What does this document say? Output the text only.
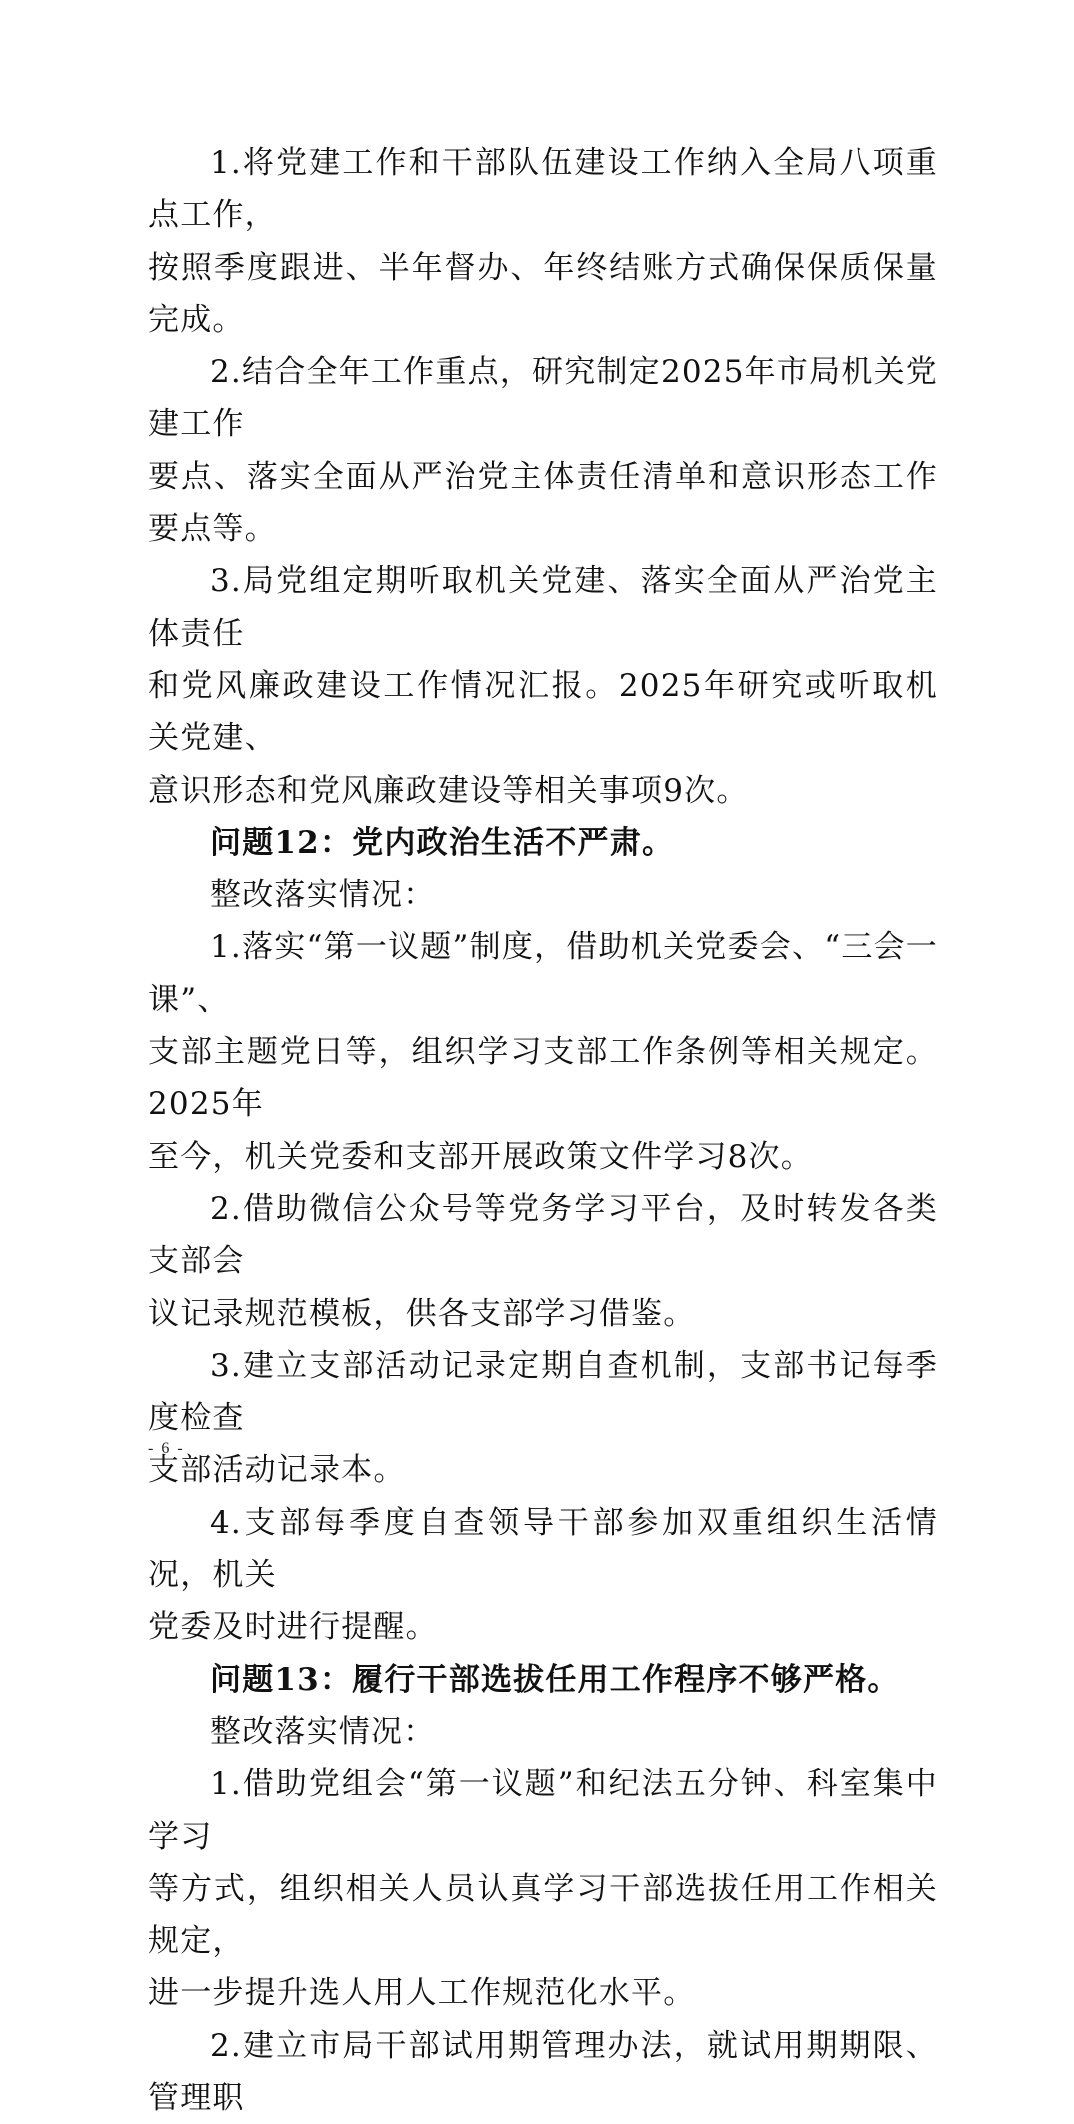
1.将党建工作和干部队伍建设工作纳入全局八项重点工作，
按照季度跟进、半年督办、年终结账方式确保保质保量完成。

2.结合全年工作重点，研究制定2025年市局机关党建工作
要点、落实全面从严治党主体责任清单和意识形态工作要点等。

3.局党组定期听取机关党建、落实全面从严治党主体责任
和党风廉政建设工作情况汇报。2025年研究或听取机关党建、
意识形态和党风廉政建设等相关事项9次。

问题12：党内政治生活不严肃。

整改落实情况：

1.落实“第一议题”制度，借助机关党委会、“三会一课”、
支部主题党日等，组织学习支部工作条例等相关规定。2025年
至今，机关党委和支部开展政策文件学习8次。

2.借助微信公众号等党务学习平台，及时转发各类支部会
议记录规范模板，供各支部学习借鉴。

3.建立支部活动记录定期自查机制，支部书记每季度检查
支部活动记录本。

4.支部每季度自查领导干部参加双重组织生活情况，机关
党委及时进行提醒。

问题13：履行干部选拔任用工作程序不够严格。

整改落实情况：

1.借助党组会“第一议题”和纪法五分钟、科室集中学习
等方式，组织相关人员认真学习干部选拔任用工作相关规定，
进一步提升选人用人工作规范化水平。

2.建立市局干部试用期管理办法，就试用期期限、管理职

- 6 -
